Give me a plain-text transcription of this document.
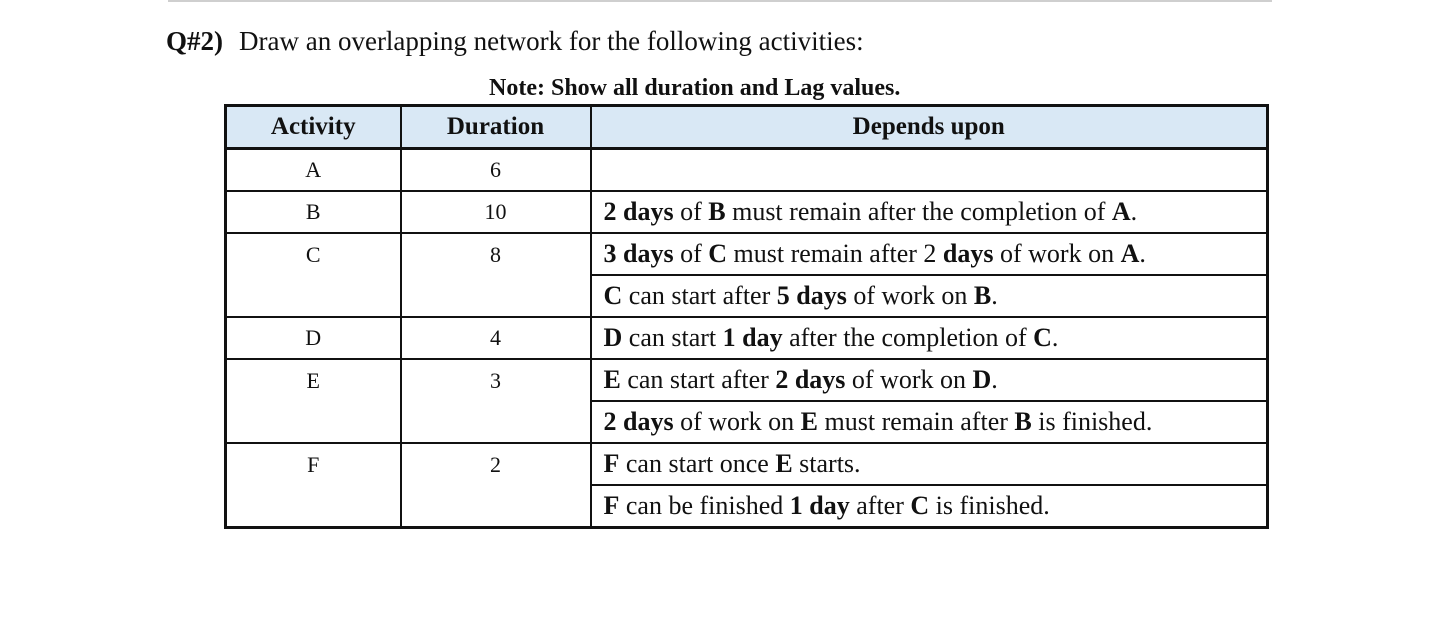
Q#2) Draw an overlapping network for the following activities:
Note: Show all duration and Lag values.
Activity	Duration	Depends upon
A	6	
B	10	2 days of B must remain after the completion of A.
C	8	3 days of C must remain after 2 days of work on A.
		C can start after 5 days of work on B.
D	4	D can start 1 day after the completion of C.
E	3	E can start after 2 days of work on D.
		2 days of work on E must remain after B is finished.
F	2	F can start once E starts.
		F can be finished 1 day after C is finished.
